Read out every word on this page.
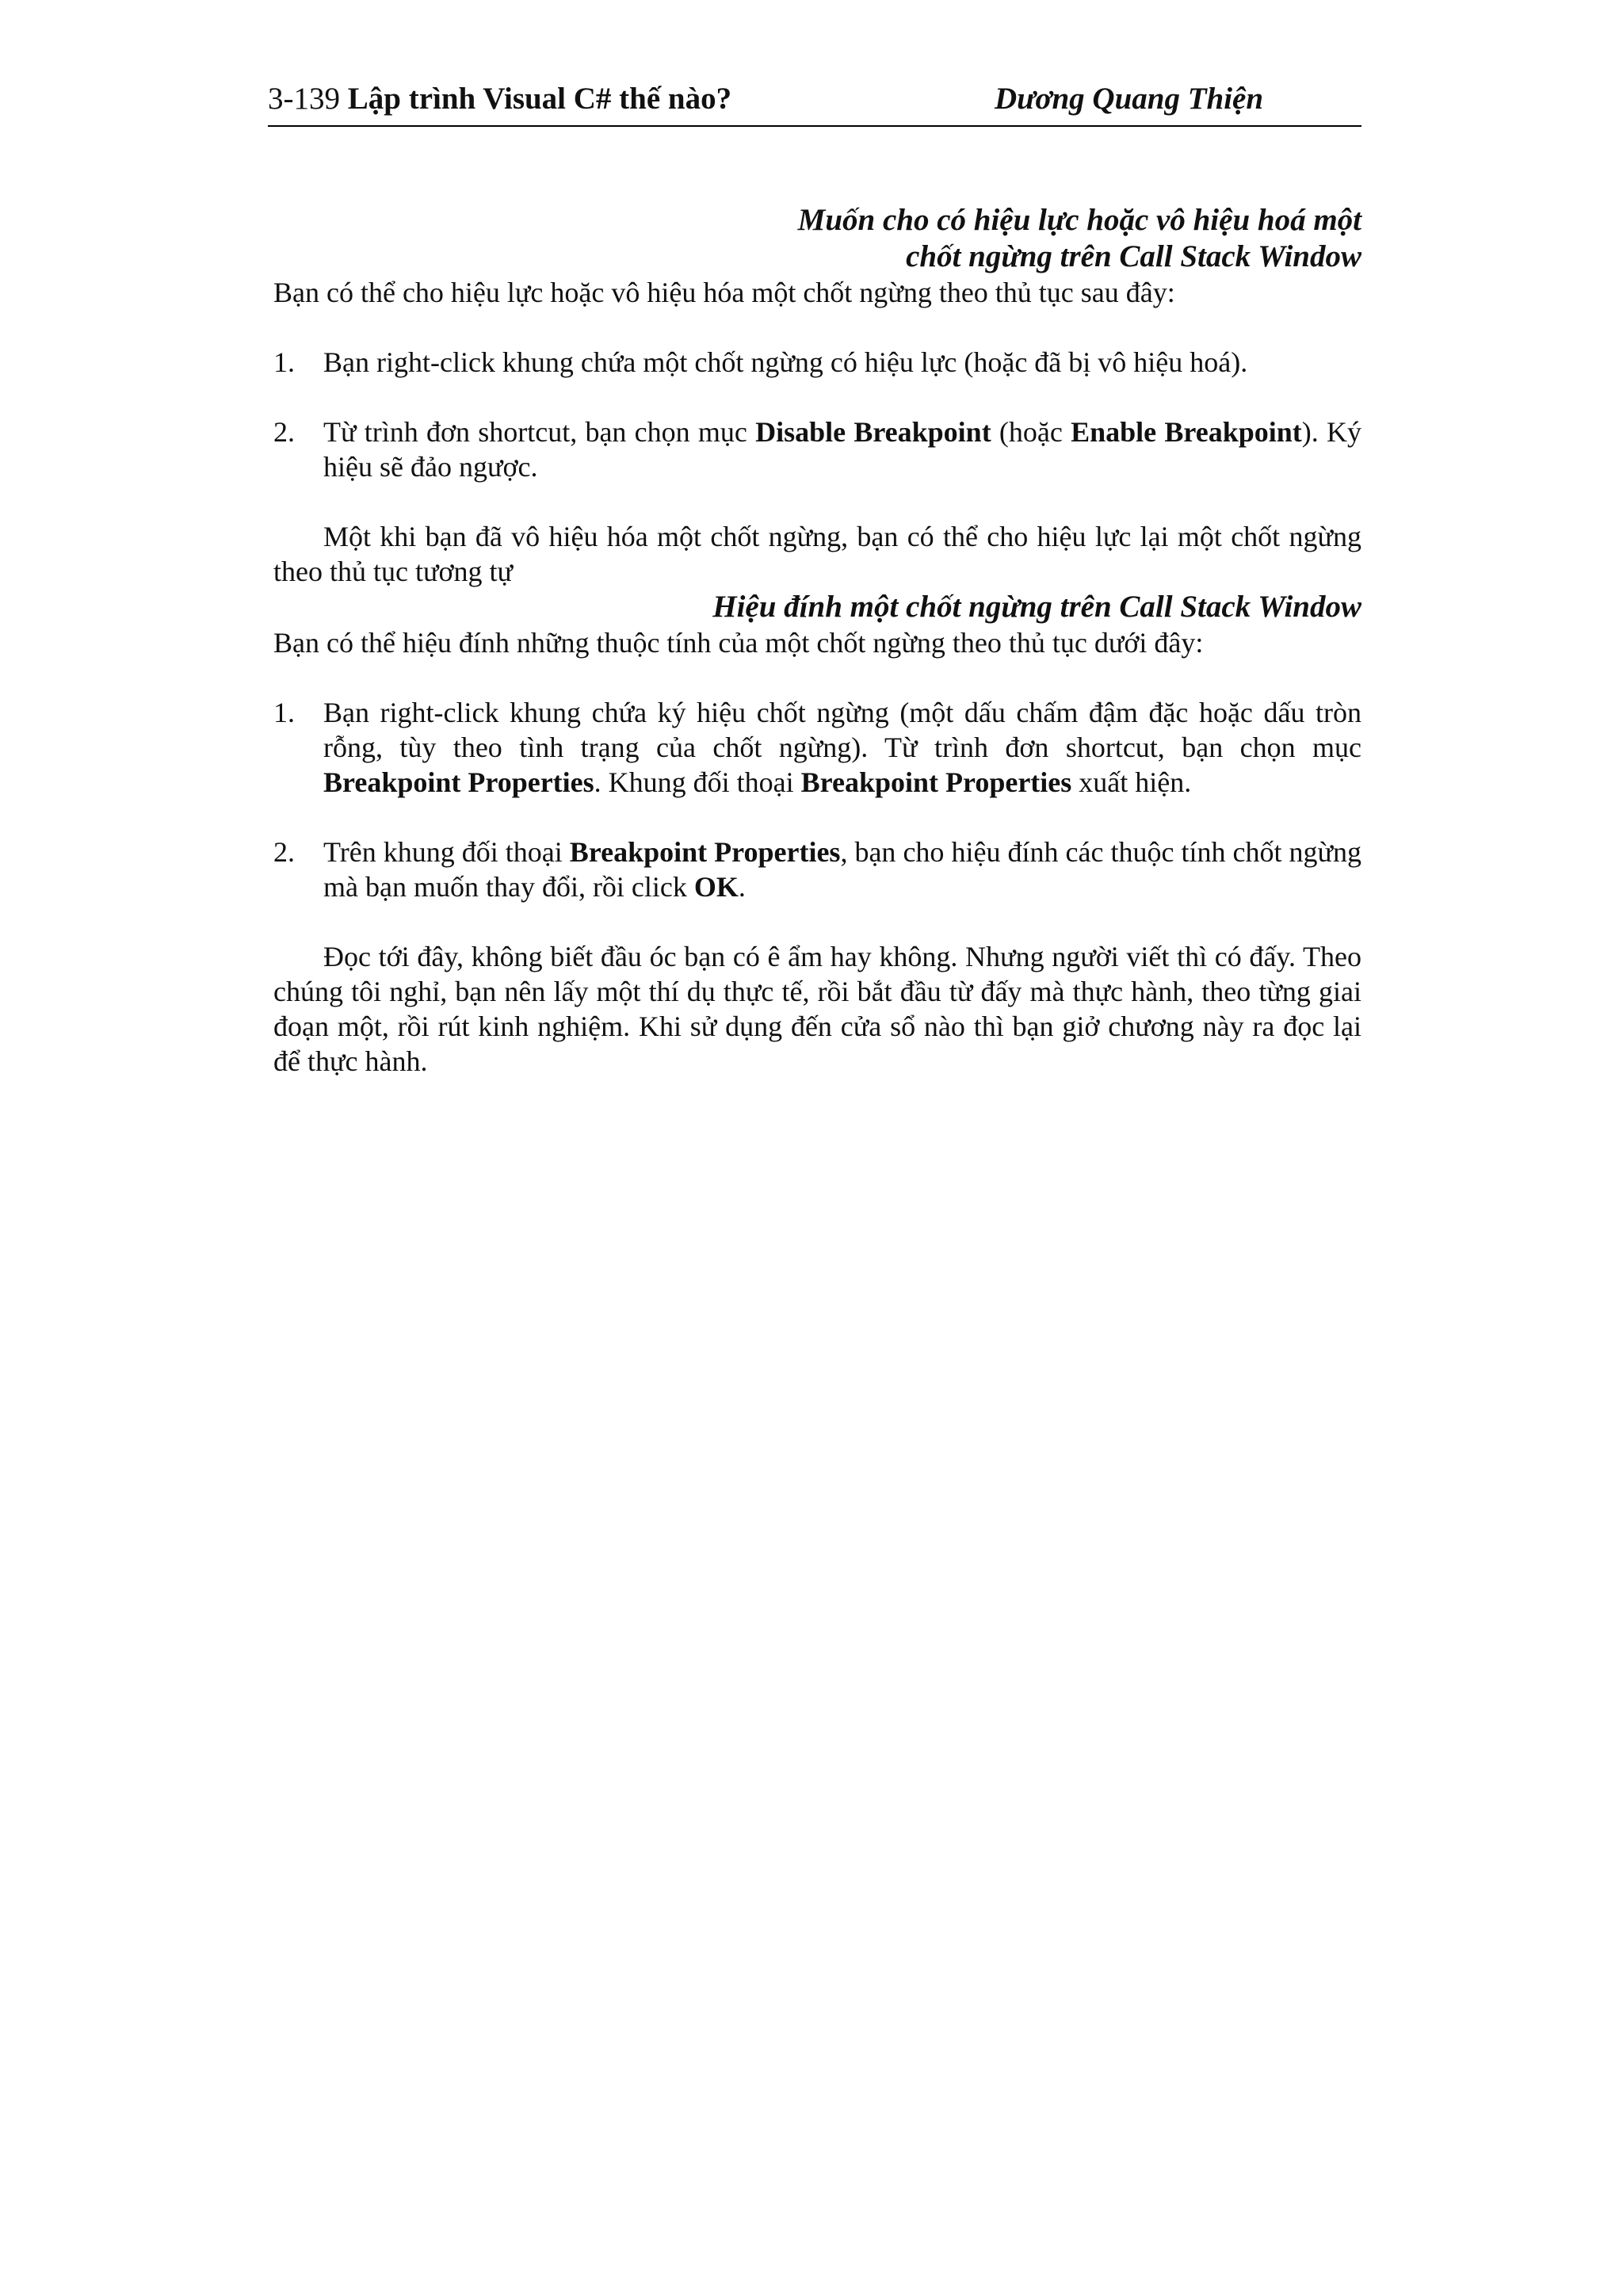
3-139 Lập trình Visual C# thế nào?	Dương Quang Thiện
Muốn cho có hiệu lực hoặc vô hiệu hoá một
chốt ngừng trên Call Stack Window

Bạn có thể cho hiệu lực hoặc vô hiệu hóa một chốt ngừng theo thủ tục sau đây:

1. Bạn right-click khung chứa một chốt ngừng có hiệu lực (hoặc đã bị vô hiệu hoá).
2. Từ trình đơn shortcut, bạn chọn mục Disable Breakpoint (hoặc Enable Breakpoint). Ký hiệu sẽ đảo ngược.

Một khi bạn đã vô hiệu hóa một chốt ngừng, bạn có thể cho hiệu lực lại một chốt ngừng theo thủ tục tương tự

Hiệu đính một chốt ngừng trên Call Stack Window

Bạn có thể hiệu đính những thuộc tính của một chốt ngừng theo thủ tục dưới đây:

1. Bạn right-click khung chứa ký hiệu chốt ngừng (một dấu chấm đậm đặc hoặc dấu tròn rỗng, tùy theo tình trạng của chốt ngừng). Từ trình đơn shortcut, bạn chọn mục Breakpoint Properties. Khung đối thoại Breakpoint Properties xuất hiện.
2. Trên khung đối thoại Breakpoint Properties, bạn cho hiệu đính các thuộc tính chốt ngừng mà bạn muốn thay đổi, rồi click OK.

Đọc tới đây, không biết đầu óc bạn có ê ẩm hay không. Nhưng người viết thì có đấy. Theo chúng tôi nghỉ, bạn nên lấy một thí dụ thực tế, rồi bắt đầu từ đấy mà thực hành, theo từng giai đoạn một, rồi rút kinh nghiệm. Khi sử dụng đến cửa sổ nào thì bạn giở chương này ra đọc lại để thực hành.
